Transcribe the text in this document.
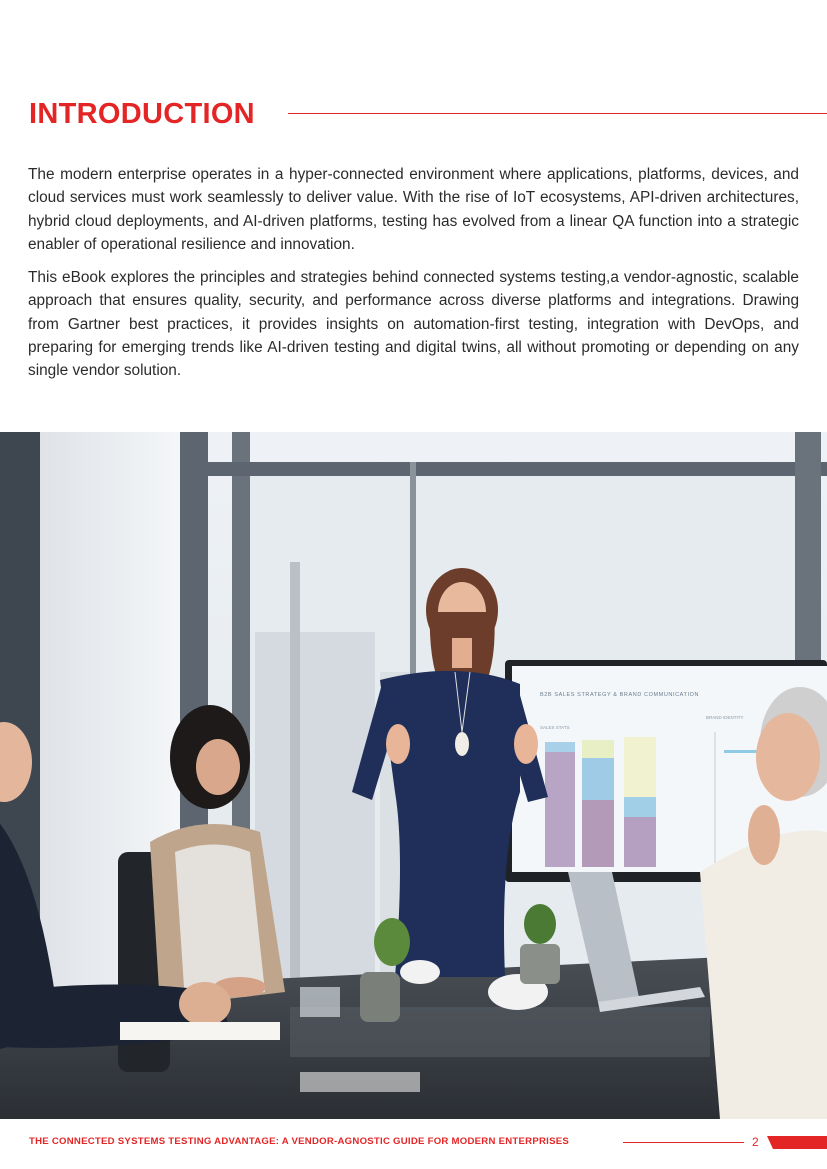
INTRODUCTION

The modern enterprise operates in a hyper-connected environment where applications, platforms, devices, and cloud services must work seamlessly to deliver value. With the rise of IoT ecosystems, API-driven architectures, hybrid cloud deployments, and AI-driven platforms, testing has evolved from a linear QA function into a strategic enabler of operational resilience and innovation.

This eBook explores the principles and strategies behind connected systems testing,a vendor-agnostic, scalable approach that ensures quality, security, and performance across diverse platforms and integrations. Drawing from Gartner best practices, it provides insights on automation-first testing, integration with DevOps, and preparing for emerging trends like AI-driven testing and digital twins, all without promoting or depending on any single vendor solution.

B2B SALES STRATEGY & BRAND COMMUNICATION
SALES STATS
BRAND IDENTITY
THE CONNECTED SYSTEMS TESTING ADVANTAGE: A VENDOR-AGNOSTIC GUIDE FOR MODERN ENTERPRISES	2
